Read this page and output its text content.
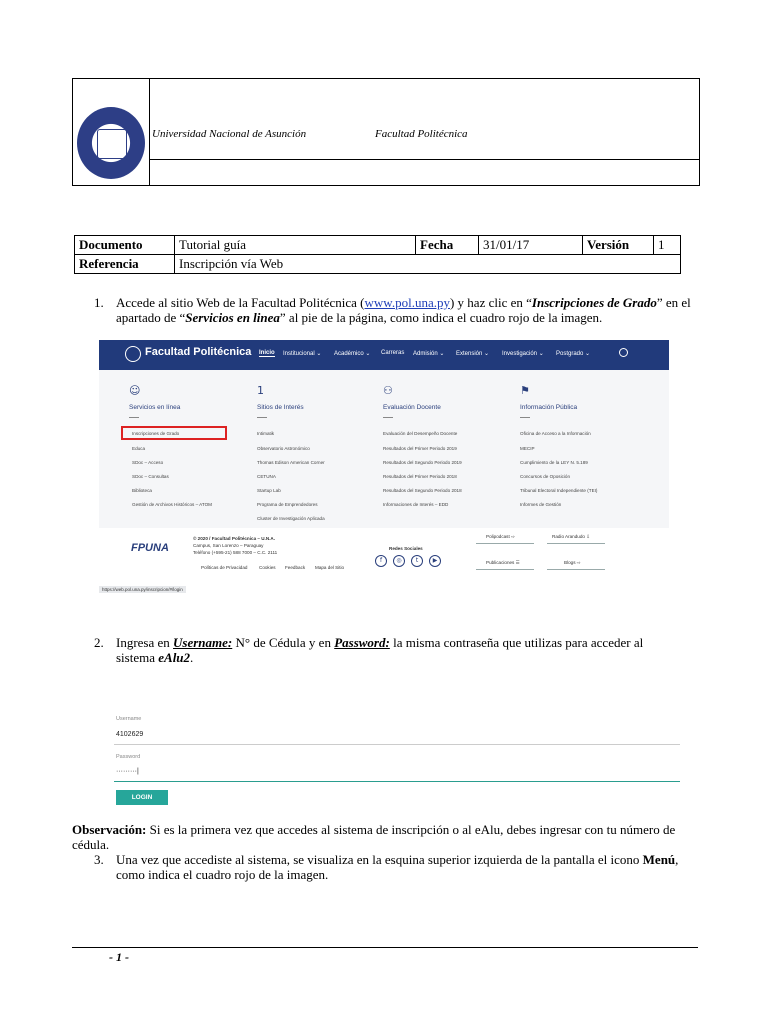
Universidad Nacional de Asunción	Facultad Politécnica
Documento	Tutorial guía	Fecha	31/01/17	Versión	1
Referencia	Inscripción vía Web				
1. Accede al sitio Web de la Facultad Politécnica (www.pol.una.py) y haz clic en “Inscripciones de Grado” en el apartado de “Servicios en linea” al pie de la página, como indica el cuadro rojo de la imagen.
Facultad Politécnica Inicio Institucional ⌄ Académico ⌄ Carreras Admisión ⌄ Extensión ⌄ Investigación ⌄ Postgrado ⌄
☺
Servicios en línea
Inscripciones de Grado
Educa
SDoc – Acceso
SDoc – Consultas
Biblioteca
Gestión de Archivos Históricos – ATOM
1
Sitios de Interés
Intimatik
Observatorio Astronómico
Thomas Edison American Corner
CETUNA
Startup Lab
Programa de Emprendedores
Cluster de Investigación Aplicada
⚇
Evaluación Docente
Evaluación del Desempeño Docente
Resultados del Primer Periodo 2019
Resultados del Segundo Periodo 2019
Resultados del Primer Periodo 2018
Resultados del Segundo Periodo 2018
Informaciones de Interés – EDD
⚑
Información Pública
Oficina de Acceso a la Información
MECIP
Cumplimiento de la LEY N. 5.189
Concursos de Oposición
Tribunal Electoral Independiente (TEI)
Informes de Gestión
FPUNA
© 2020 / Facultad Politécnica – U.N.A.
Campus, San Lorenzo – Paraguay
Teléfono (+595-21) 588 7000 – C.C. 2111
Políticas de Privacidad	Cookies Feedback Mapa del Sitio
Redes Sociales
f	◎	t	▶
Polipodcast ⇨	Radio Arandudo ⇩
Publicaciones ☰	Blogs ⇨
https://web.pol.una.py/inscripcion/#/login
2. Ingresa en Username: N° de Cédula y en Password: la misma contraseña que utilizas para acceder al sistema eAlu2.
Username
4102629
Password
·········|
LOGIN
Observación: Si es la primera vez que accedes al sistema de inscripción o al eAlu, debes ingresar con tu número de cédula.
3. Una vez que accediste al sistema, se visualiza en la esquina superior izquierda de la pantalla el icono Menú, como indica el cuadro rojo de la imagen.
- 1 -
